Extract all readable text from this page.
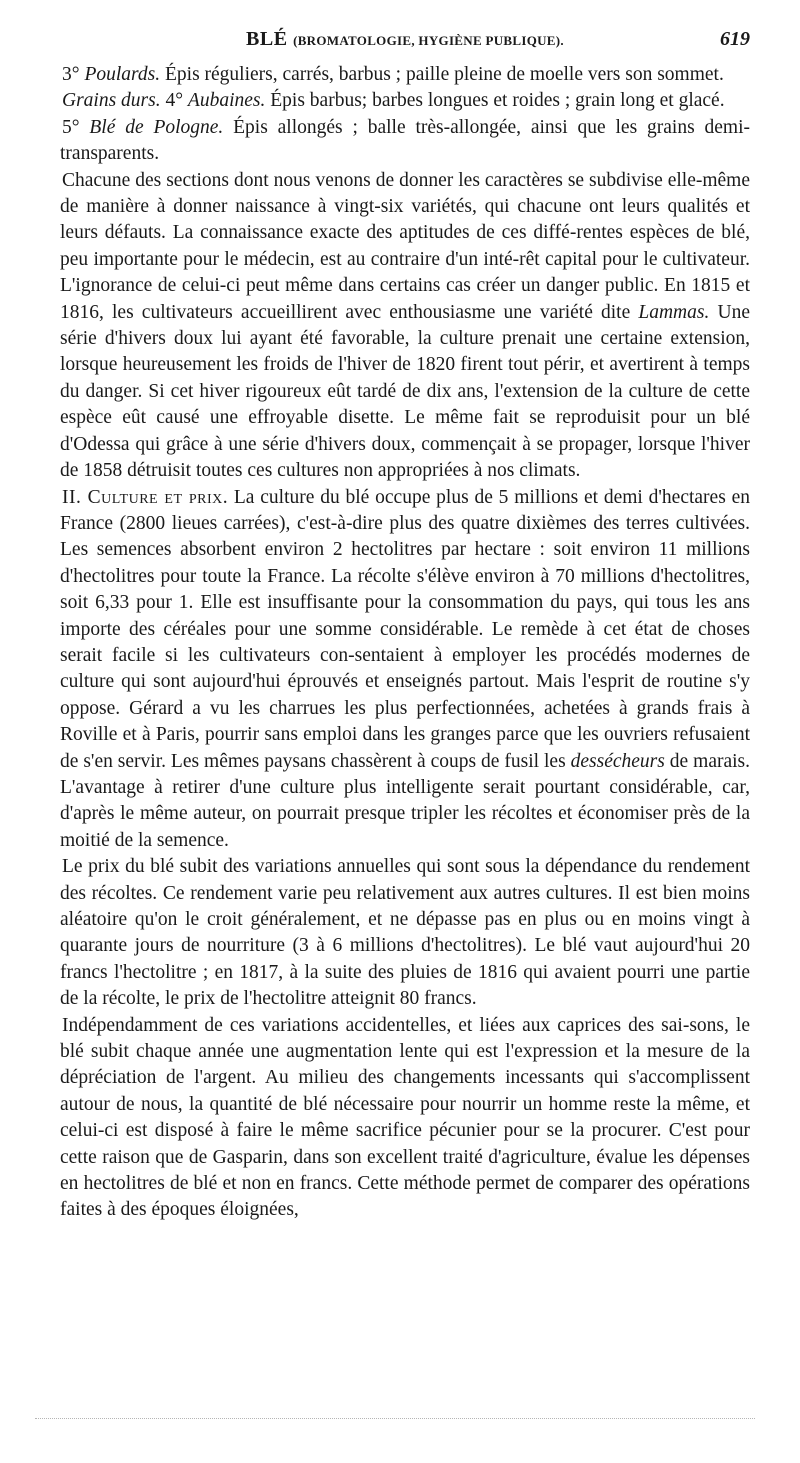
BLÉ (BROMATOLOGIE, HYGIÈNE PUBLIQUE).	619

3° Poulards. Épis réguliers, carrés, barbus ; paille pleine de moelle vers son sommet.

Grains durs. 4° Aubaines. Épis barbus; barbes longues et roides ; grain long et glacé.

5° Blé de Pologne. Épis allongés ; balle très-allongée, ainsi que les grains demi-transparents.

Chacune des sections dont nous venons de donner les caractères se subdivise elle-même de manière à donner naissance à vingt-six variétés, qui chacune ont leurs qualités et leurs défauts. La connaissance exacte des aptitudes de ces diffé-rentes espèces de blé, peu importante pour le médecin, est au contraire d'un inté-rêt capital pour le cultivateur. L'ignorance de celui-ci peut même dans certains cas créer un danger public. En 1815 et 1816, les cultivateurs accueillirent avec enthousiasme une variété dite Lammas. Une série d'hivers doux lui ayant été favorable, la culture prenait une certaine extension, lorsque heureusement les froids de l'hiver de 1820 firent tout périr, et avertirent à temps du danger. Si cet hiver rigoureux eût tardé de dix ans, l'extension de la culture de cette espèce eût causé une effroyable disette. Le même fait se reproduisit pour un blé d'Odessa qui grâce à une série d'hivers doux, commençait à se propager, lorsque l'hiver de 1858 détruisit toutes ces cultures non appropriées à nos climats.

II. Culture et prix. La culture du blé occupe plus de 5 millions et demi d'hectares en France (2800 lieues carrées), c'est-à-dire plus des quatre dixièmes des terres cultivées. Les semences absorbent environ 2 hectolitres par hectare : soit environ 11 millions d'hectolitres pour toute la France. La récolte s'élève environ à 70 millions d'hectolitres, soit 6,33 pour 1. Elle est insuffisante pour la consommation du pays, qui tous les ans importe des céréales pour une somme considérable. Le remède à cet état de choses serait facile si les cultivateurs con-sentaient à employer les procédés modernes de culture qui sont aujourd'hui éprouvés et enseignés partout. Mais l'esprit de routine s'y oppose. Gérard a vu les charrues les plus perfectionnées, achetées à grands frais à Roville et à Paris, pourrir sans emploi dans les granges parce que les ouvriers refusaient de s'en servir. Les mêmes paysans chassèrent à coups de fusil les dessécheurs de marais. L'avantage à retirer d'une culture plus intelligente serait pourtant considérable, car, d'après le même auteur, on pourrait presque tripler les récoltes et économiser près de la moitié de la semence.

Le prix du blé subit des variations annuelles qui sont sous la dépendance du rendement des récoltes. Ce rendement varie peu relativement aux autres cultures. Il est bien moins aléatoire qu'on le croit généralement, et ne dépasse pas en plus ou en moins vingt à quarante jours de nourriture (3 à 6 millions d'hectolitres). Le blé vaut aujourd'hui 20 francs l'hectolitre ; en 1817, à la suite des pluies de 1816 qui avaient pourri une partie de la récolte, le prix de l'hectolitre atteignit 80 francs.

Indépendamment de ces variations accidentelles, et liées aux caprices des sai-sons, le blé subit chaque année une augmentation lente qui est l'expression et la mesure de la dépréciation de l'argent. Au milieu des changements incessants qui s'accomplissent autour de nous, la quantité de blé nécessaire pour nourrir un homme reste la même, et celui-ci est disposé à faire le même sacrifice pécunier pour se la procurer. C'est pour cette raison que de Gasparin, dans son excellent traité d'agriculture, évalue les dépenses en hectolitres de blé et non en francs. Cette méthode permet de comparer des opérations faites à des époques éloignées,
